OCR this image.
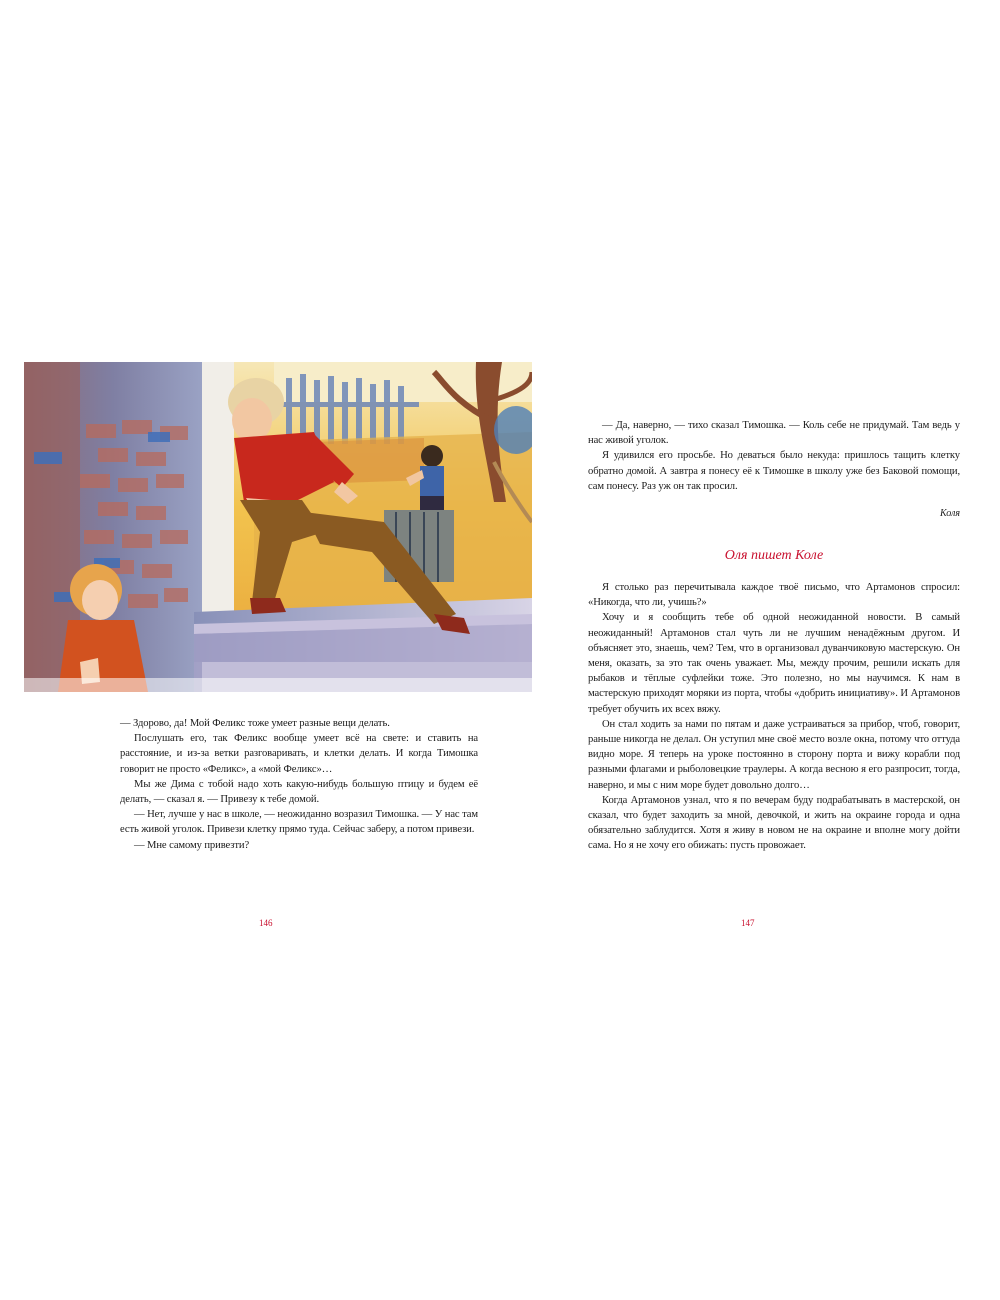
— Здорово, да! Мой Феликс тоже умеет разные вещи делать.

Послушать его, так Феликс вообще умеет всё на свете: и ставить на расстояние, и из-за ветки разговаривать, и клетки делать. И когда Тимошка говорит не просто «Феликс», а «мой Феликс»…

Мы же Дима с тобой надо хоть какую-нибудь большую птицу и будем её делать, — сказал я. — Привезу к тебе домой.

— Нет, лучше у нас в школе, — неожиданно возразил Тимошка. — У нас там есть живой уголок. Привези клетку прямо туда. Сейчас заберу, а потом привези.

— Мне самому привезти?

146

— Да, наверно, — тихо сказал Тимошка. — Коль себе не придумай. Там ведь у нас живой уголок.

Я удивился его просьбе. Но деваться было некуда: пришлось тащить клетку обратно домой. А завтра я понесу её к Тимошке в школу уже без Баковой помощи, сам понесу. Раз уж он так просил.

Коля
Оля пишет Коле

Я столько раз перечитывала каждое твоё письмо, что Артамонов спросил: «Никогда, что ли, учишь?»

Хочу и я сообщить тебе об одной неожиданной новости. В самый неожиданный! Артамонов стал чуть ли не лучшим ненадёжным другом. И объясняет это, знаешь, чем? Тем, что в организовал дуванчиковую мастерскую. Он меня, оказать, за это так очень уважает. Мы, между прочим, решили искать для рыбаков и тёплые суфлейки тоже. Это полезно, но мы научимся. К нам в мастерскую приходят моряки из порта, чтобы «добрить инициативу». И Артамонов требует обучить их всех вяжу.

Он стал ходить за нами по пятам и даже устраиваться за прибор, чтоб, говорит, раньше никогда не делал. Он уступил мне своё место возле окна, потому что оттуда видно море. Я теперь на уроке постоянно в сторону порта и вижу корабли под разными флагами и рыболовецкие траулеры. А когда весною я его разпросит, тогда, наверно, и мы с ним море будет довольно долго…

Когда Артамонов узнал, что я по вечерам буду подрабатывать в мастерской, он сказал, что будет заходить за мной, девочкой, и жить на окраине города и одна обязательно заблудится. Хотя я живу в новом не на окраине и вполне могу дойти сама. Но я не хочу его обижать: пусть провожает.

147
